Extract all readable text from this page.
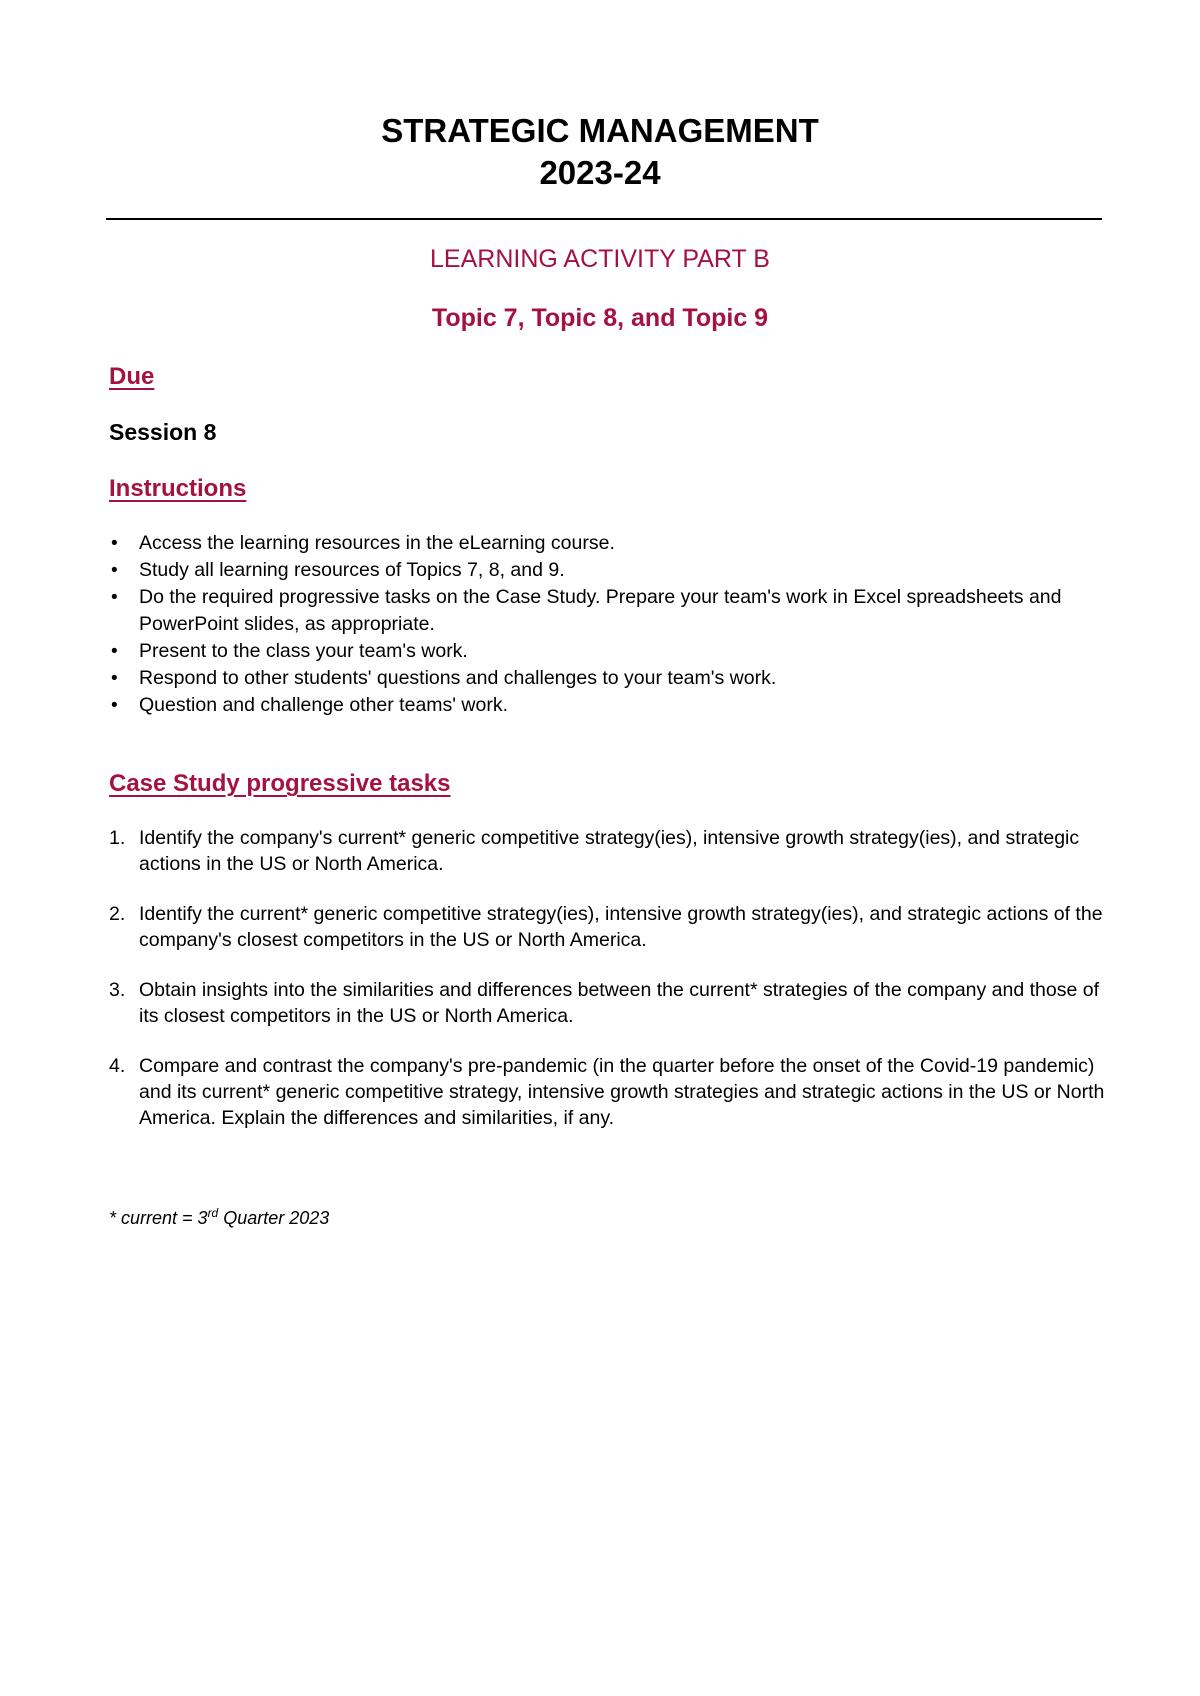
STRATEGIC MANAGEMENT
2023-24
LEARNING ACTIVITY PART B
Topic 7, Topic 8, and Topic 9
Due
Session 8
Instructions
• Access the learning resources in the eLearning course.
• Study all learning resources of Topics 7, 8, and 9.
• Do the required progressive tasks on the Case Study. Prepare your team's work in Excel spreadsheets and PowerPoint slides, as appropriate.
• Present to the class your team's work.
• Respond to other students' questions and challenges to your team's work.
• Question and challenge other teams' work.
Case Study progressive tasks
1. Identify the company's current* generic competitive strategy(ies), intensive growth strategy(ies), and strategic actions in the US or North America.
2. Identify the current* generic competitive strategy(ies), intensive growth strategy(ies), and strategic actions of the company's closest competitors in the US or North America.
3. Obtain insights into the similarities and differences between the current* strategies of the company and those of its closest competitors in the US or North America.
4. Compare and contrast the company's pre-pandemic (in the quarter before the onset of the Covid-19 pandemic) and its current* generic competitive strategy, intensive growth strategies and strategic actions in the US or North America. Explain the differences and similarities, if any.
* current = 3rd Quarter 2023
